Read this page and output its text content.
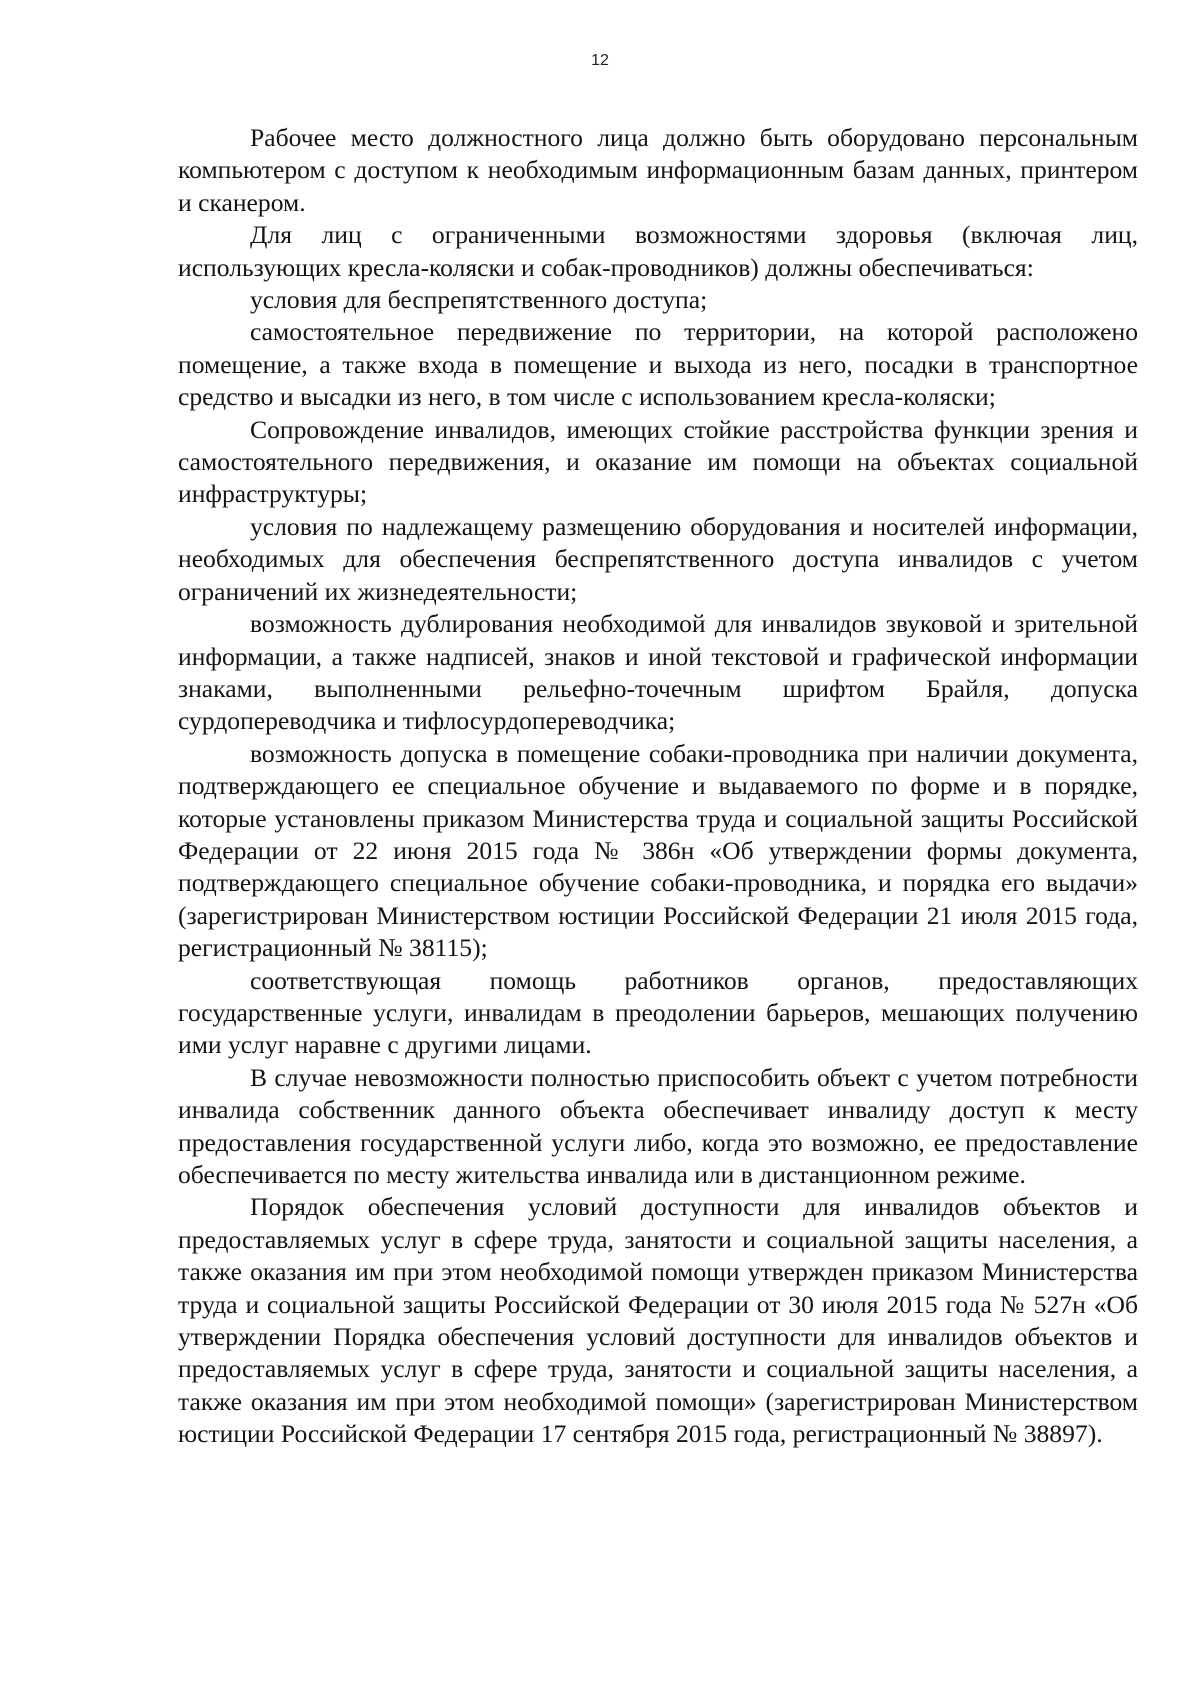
12

Рабочее место должностного лица должно быть оборудовано персональным компьютером с доступом к необходимым информационным базам данных, принтером и сканером.

Для лиц с ограниченными возможностями здоровья (включая лиц, использующих кресла-коляски и собак-проводников) должны обеспечиваться:

условия для беспрепятственного доступа;

самостоятельное передвижение по территории, на которой расположено помещение, а также входа в помещение и выхода из него, посадки в транспортное средство и высадки из него, в том числе с использованием кресла-коляски;

Сопровождение инвалидов, имеющих стойкие расстройства функции зрения и самостоятельного передвижения, и оказание им помощи на объектах социальной инфраструктуры;

условия по надлежащему размещению оборудования и носителей информации, необходимых для обеспечения беспрепятственного доступа инвалидов с учетом ограничений их жизнедеятельности;

возможность дублирования необходимой для инвалидов звуковой и зрительной информации, а также надписей, знаков и иной текстовой и графической информации знаками, выполненными рельефно-точечным шрифтом Брайля, допуска сурдопереводчика и тифлосурдопереводчика;

возможность допуска в помещение собаки-проводника при наличии документа, подтверждающего ее специальное обучение и выдаваемого по форме и в порядке, которые установлены приказом Министерства труда и социальной защиты Российской Федерации от 22 июня 2015 года № 386н «Об утверждении формы документа, подтверждающего специальное обучение собаки-проводника, и порядка его выдачи» (зарегистрирован Министерством юстиции Российской Федерации 21 июля 2015 года, регистрационный № 38115);

соответствующая помощь работников органов, предоставляющих государственные услуги, инвалидам в преодолении барьеров, мешающих получению ими услуг наравне с другими лицами.

В случае невозможности полностью приспособить объект с учетом потребности инвалида собственник данного объекта обеспечивает инвалиду доступ к месту предоставления государственной услуги либо, когда это возможно, ее предоставление обеспечивается по месту жительства инвалида или в дистанционном режиме.

Порядок обеспечения условий доступности для инвалидов объектов и предоставляемых услуг в сфере труда, занятости и социальной защиты населения, а также оказания им при этом необходимой помощи утвержден приказом Министерства труда и социальной защиты Российской Федерации от 30 июля 2015 года № 527н «Об утверждении Порядка обеспечения условий доступности для инвалидов объектов и предоставляемых услуг в сфере труда, занятости и социальной защиты населения, а также оказания им при этом необходимой помощи» (зарегистрирован Министерством юстиции Российской Федерации 17 сентября 2015 года, регистрационный № 38897).
